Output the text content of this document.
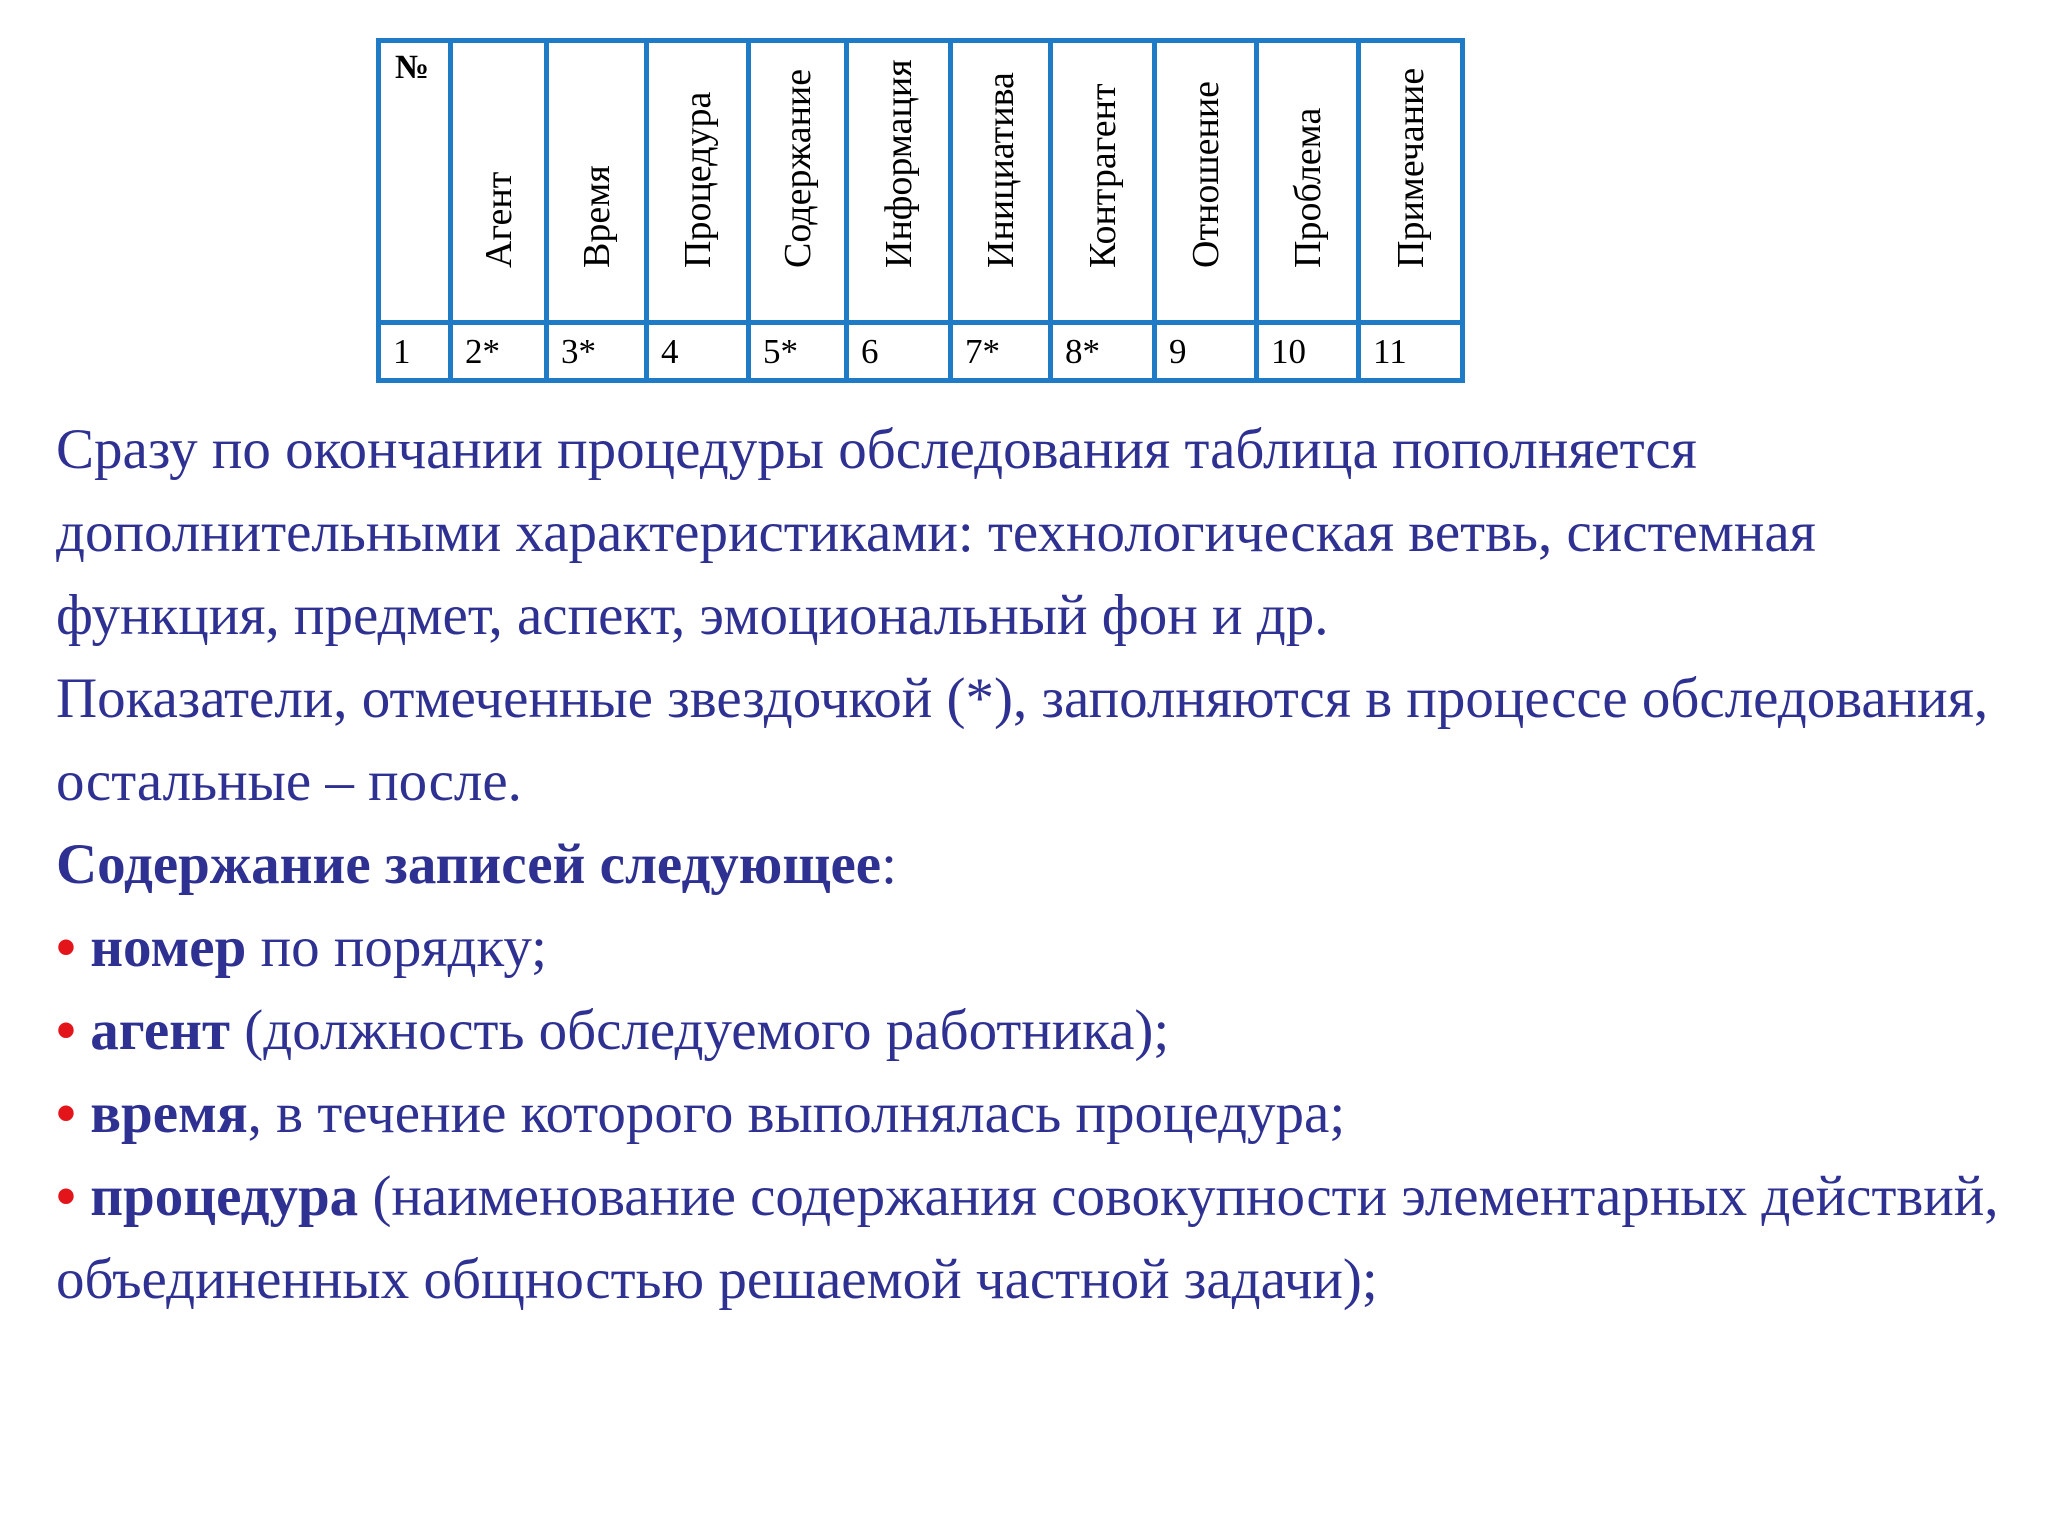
№	Агент	Время	Процедура	Содержание	Информация	Инициатива	Контрагент	Отношение	Проблема	Примечание

1	2*	3*	4	5*	6	7*	8*	9	10	11

Сразу по окончании процедуры обследования таблица пополняется дополнительными характеристиками: технологическая ветвь, системная функция, предмет, аспект, эмоциональный фон и др.

Показатели, отмеченные звездочкой (*), заполняются в процессе обследования, остальные – после.

Содержание записей следующее:

• номер по порядку;

• агент (должность обследуемого работника);

• время, в течение которого выполнялась процедура;

• процедура (наименование содержания совокупности элементарных действий, объединенных общностью решаемой частной задачи);
